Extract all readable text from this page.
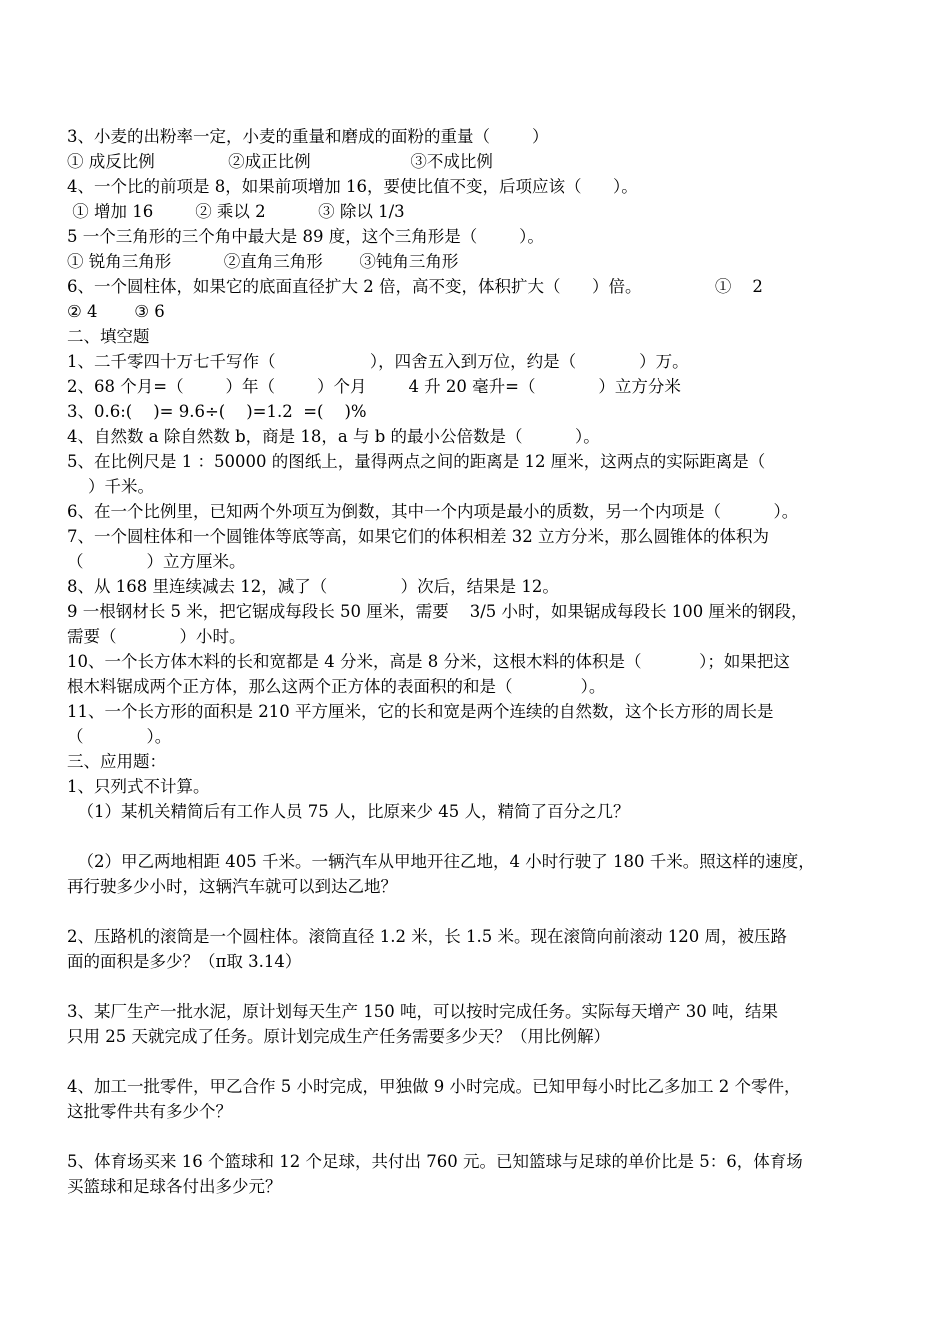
3、小麦的出粉率一定，小麦的重量和磨成的面粉的重量（        ）
① 成反比例              ②成正比例                   ③不成比例
4、一个比的前项是 8，如果前项增加 16，要使比值不变，后项应该（      ）。
① 增加 16        ② 乘以 2          ③ 除以 1/3
5 一个三角形的三个角中最大是 89 度，这个三角形是（        ）。
① 锐角三角形          ②直角三角形       ③钝角三角形
6、一个圆柱体，如果它的底面直径扩大 2 倍，高不变，体积扩大（      ）倍。              ①    2
② 4       ③ 6
二、填空题
1、二千零四十万七千写作（                  ），四舍五入到万位，约是（            ）万。
2、68 个月=（        ）年（        ）个月        4 升 20 毫升=（            ）立方分米
3、0.6:(    )= 9.6÷(    )=1.2  =(    )%
4、自然数 a 除自然数 b，商是 18，a 与 b 的最小公倍数是（          ）。
5、在比例尺是 1 ：50000 的图纸上，量得两点之间的距离是 12 厘米，这两点的实际距离是（
）千米。
6、在一个比例里，已知两个外项互为倒数，其中一个内项是最小的质数，另一个内项是（          ）。
7、一个圆柱体和一个圆锥体等底等高，如果它们的体积相差 32 立方分米，那么圆锥体的体积为
（            ）立方厘米。
8、从 168 里连续减去 12，减了（              ）次后，结果是 12。
9 一根钢材长 5 米，把它锯成每段长 50 厘米，需要    3/5 小时，如果锯成每段长 100 厘米的钢段，
需要（            ）小时。
10、一个长方体木料的长和宽都是 4 分米，高是 8 分米，这根木料的体积是（           ）；如果把这
根木料锯成两个正方体，那么这两个正方体的表面积的和是（             ）。
11、一个长方形的面积是 210 平方厘米，它的长和宽是两个连续的自然数，这个长方形的周长是
（            ）。
三、应用题：
1、只列式不计算。
（1）某机关精简后有工作人员 75 人，比原来少 45 人，精简了百分之几？
（2）甲乙两地相距 405 千米。一辆汽车从甲地开往乙地，4 小时行驶了 180 千米。照这样的速度，
再行驶多少小时，这辆汽车就可以到达乙地？
2、压路机的滚筒是一个圆柱体。滚筒直径 1.2 米，长 1.5 米。现在滚筒向前滚动 120 周，被压路
面的面积是多少？（π取 3.14）
3、某厂生产一批水泥，原计划每天生产 150 吨，可以按时完成任务。实际每天增产 30 吨，结果
只用 25 天就完成了任务。原计划完成生产任务需要多少天？（用比例解）
4、加工一批零件，甲乙合作 5 小时完成，甲独做 9 小时完成。已知甲每小时比乙多加工 2 个零件，
这批零件共有多少个？
5、体育场买来 16 个篮球和 12 个足球，共付出 760 元。已知篮球与足球的单价比是 5：6，体育场
买篮球和足球各付出多少元？
